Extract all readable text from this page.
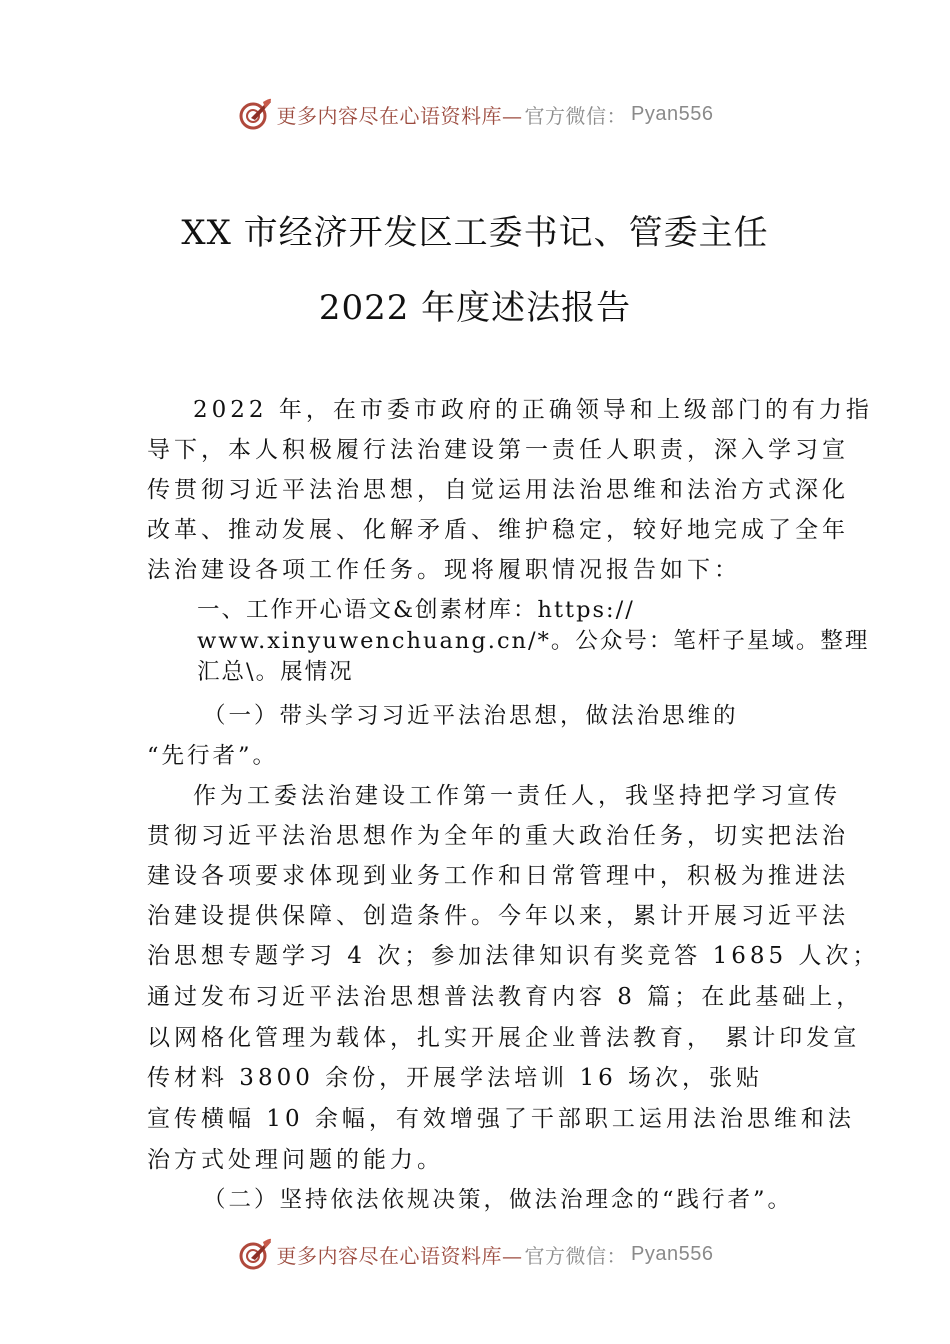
更多内容尽在心语资料库— 官方微信： Pyan556
XX 市经济开发区工委书记、管委主任
2022 年度述法报告
2022 年，在市委市政府的正确领导和上级部门的有力指
导下，本人积极履行法治建设第一责任人职责，深入学习宣
传贯彻习近平法治思想，自觉运用法治思维和法治方式深化
改革、推动发展、化解矛盾、维护稳定，较好地完成了全年
法治建设各项工作任务。现将履职情况报告如下：
一、工作开心语文&创素材库：https://
www.xinyuwenchuang.cn/*。公众号：笔杆子星域。整理
汇总\。展情况
（一）带头学习习近平法治思想，做法治思维的
“先行者”。
作为工委法治建设工作第一责任人，我坚持把学习宣传
贯彻习近平法治思想作为全年的重大政治任务，切实把法治
建设各项要求体现到业务工作和日常管理中，积极为推进法
治建设提供保障、创造条件。今年以来，累计开展习近平法
治思想专题学习 4 次；参加法律知识有奖竞答 1685 人次；
通过发布习近平法治思想普法教育内容 8 篇；在此基础上，
以网格化管理为载体，扎实开展企业普法教育， 累计印发宣
传材料 3800 余份，开展学法培训 16 场次，张贴
宣传横幅 10 余幅，有效增强了干部职工运用法治思维和法
治方式处理问题的能力。
（二）坚持依法依规决策，做法治理念的“践行者”。
更多内容尽在心语资料库— 官方微信： Pyan556
